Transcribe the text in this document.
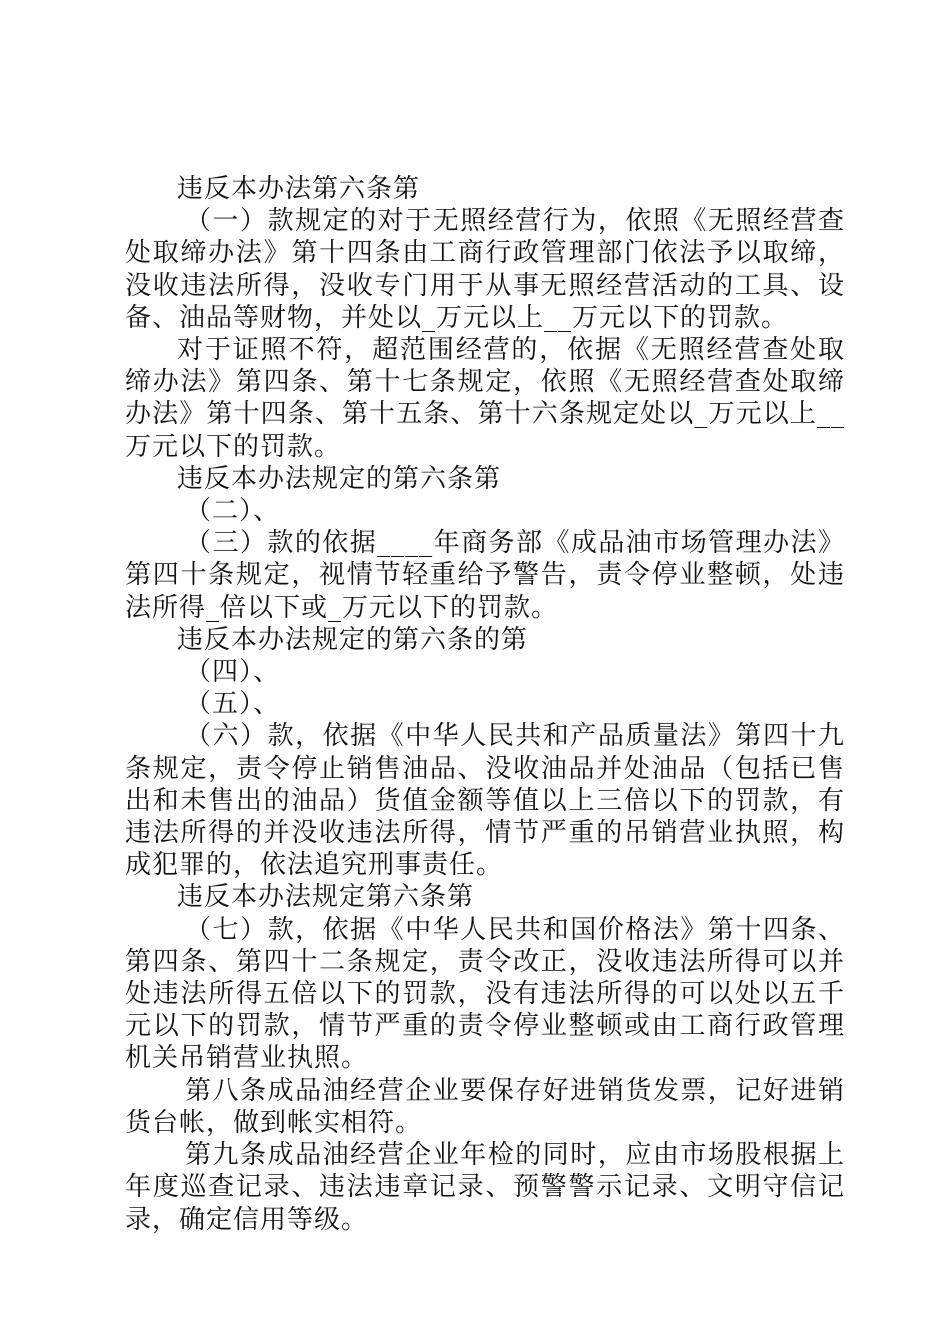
违反本办法第六条第

（一）款规定的对于无照经营行为，依照《无照经营查处取缔办法》第十四条由工商行政管理部门依法予以取缔，没收违法所得，没收专门用于从事无照经营活动的工具、设备、油品等财物，并处以_万元以上__万元以下的罚款。

对于证照不符，超范围经营的，依据《无照经营查处取缔办法》第四条、第十七条规定，依照《无照经营查处取缔办法》第十四条、第十五条、第十六条规定处以_万元以上__万元以下的罚款。

违反本办法规定的第六条第

（二）、

（三）款的依据____年商务部《成品油市场管理办法》第四十条规定，视情节轻重给予警告，责令停业整顿，处违法所得_倍以下或_万元以下的罚款。

违反本办法规定的第六条的第

（四）、

（五）、

（六）款，依据《中华人民共和产品质量法》第四十九条规定，责令停止销售油品、没收油品并处油品（包括已售出和未售出的油品）货值金额等值以上三倍以下的罚款，有违法所得的并没收违法所得，情节严重的吊销营业执照，构成犯罪的，依法追究刑事责任。

违反本办法规定第六条第

（七）款，依据《中华人民共和国价格法》第十四条、第四条、第四十二条规定，责令改正，没收违法所得可以并处违法所得五倍以下的罚款，没有违法所得的可以处以五千元以下的罚款，情节严重的责令停业整顿或由工商行政管理机关吊销营业执照。

第八条成品油经营企业要保存好进销货发票，记好进销货台帐，做到帐实相符。

第九条成品油经营企业年检的同时，应由市场股根据上年度巡查记录、违法违章记录、预警警示记录、文明守信记录，确定信用等级。
